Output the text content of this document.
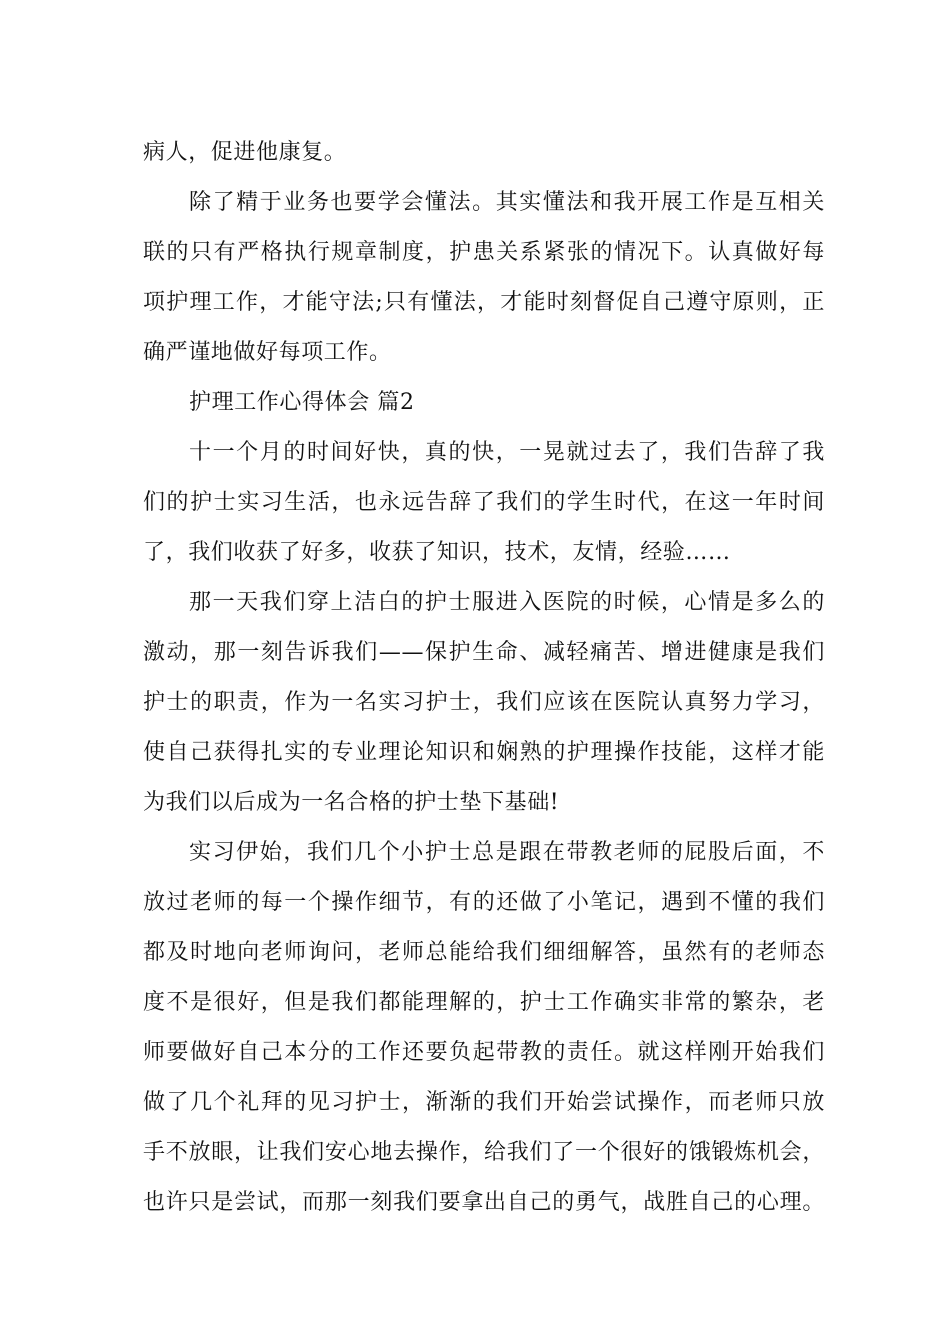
病人，促进他康复。
除了精于业务也要学会懂法。其实懂法和我开展工作是互相关
联的只有严格执行规章制度，护患关系紧张的情况下。认真做好每
项护理工作，才能守法;只有懂法，才能时刻督促自己遵守原则，正
确严谨地做好每项工作。
护理工作心得体会 篇2
十一个月的时间好快，真的快，一晃就过去了，我们告辞了我
们的护士实习生活，也永远告辞了我们的学生时代，在这一年时间
了，我们收获了好多，收获了知识，技术，友情，经验……
那一天我们穿上洁白的护士服进入医院的时候，心情是多么的
激动，那一刻告诉我们——保护生命、减轻痛苦、增进健康是我们
护士的职责，作为一名实习护士，我们应该在医院认真努力学习，
使自己获得扎实的专业理论知识和娴熟的护理操作技能，这样才能
为我们以后成为一名合格的护士垫下基础!
实习伊始，我们几个小护士总是跟在带教老师的屁股后面，不
放过老师的每一个操作细节，有的还做了小笔记，遇到不懂的我们
都及时地向老师询问，老师总能给我们细细解答，虽然有的老师态
度不是很好，但是我们都能理解的，护士工作确实非常的繁杂，老
师要做好自己本分的工作还要负起带教的责任。就这样刚开始我们
做了几个礼拜的见习护士，渐渐的我们开始尝试操作，而老师只放
手不放眼，让我们安心地去操作，给我们了一个很好的饿锻炼机会，
也许只是尝试，而那一刻我们要拿出自己的勇气，战胜自己的心理。
